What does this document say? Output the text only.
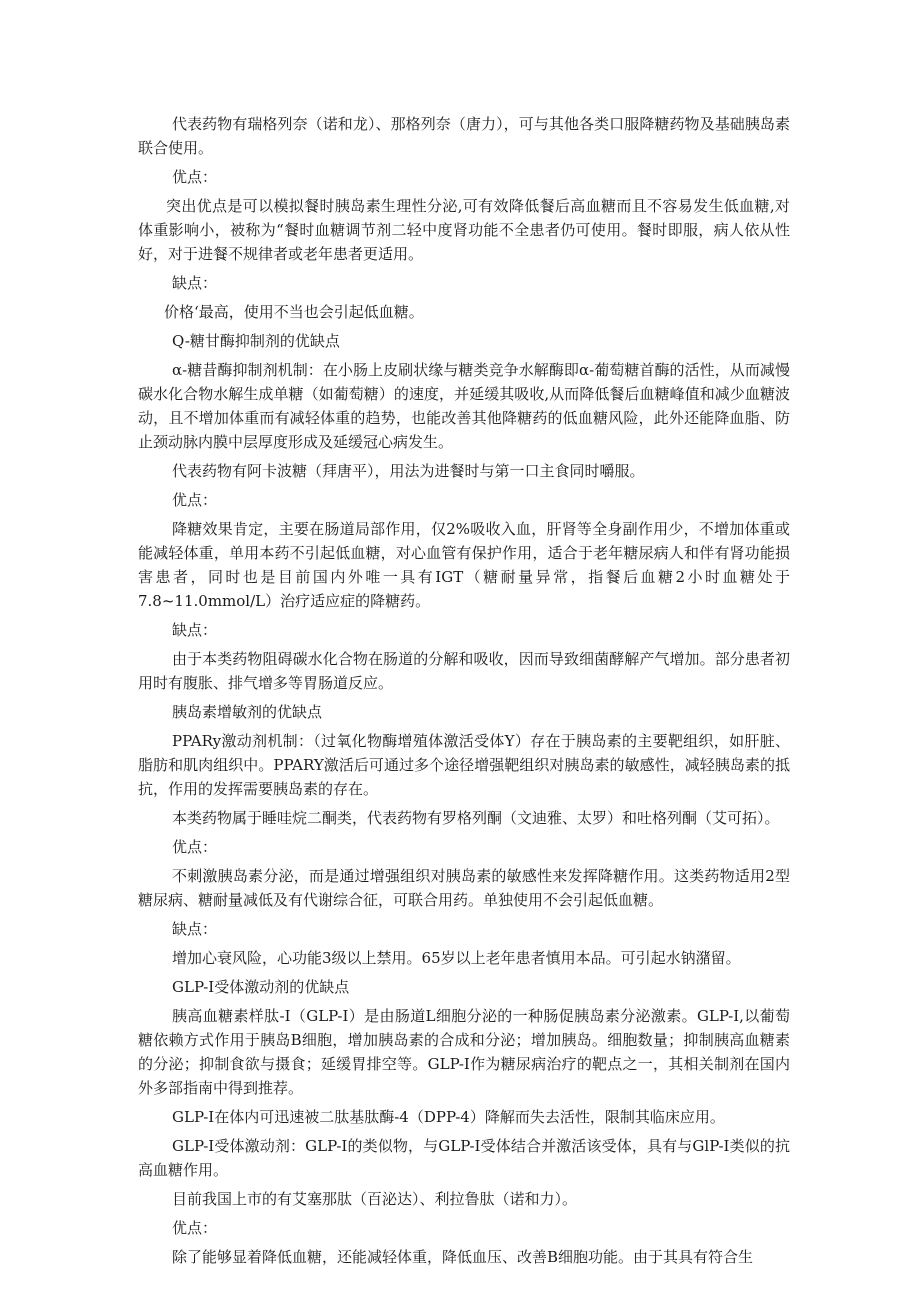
代表药物有瑞格列奈（诺和龙）、那格列奈（唐力），可与其他各类口服降糖药物及基础胰岛素联合使用。

优点：

突出优点是可以模拟餐时胰岛素生理性分泌,可有效降低餐后高血糖而且不容易发生低血糖,对体重影响小，被称为“餐时血糖调节剂二轻中度肾功能不全患者仍可使用。餐时即服，病人依从性好，对于进餐不规律者或老年患者更适用。

缺点：

价格‘最高，使用不当也会引起低血糖。

Q-糖甘酶抑制剂的优缺点

α-糖昔酶抑制剂机制：在小肠上皮刷状缘与糖类竞争水解酶即α-葡萄糖首酶的活性，从而减慢碳水化合物水解生成单糖（如葡萄糖）的速度，并延缓其吸收,从而降低餐后血糖峰值和减少血糖波动，且不增加体重而有减轻体重的趋势，也能改善其他降糖药的低血糖风险，此外还能降血脂、防止颈动脉内膜中层厚度形成及延缓冠心病发生。

代表药物有阿卡波糖（拜唐平），用法为进餐时与第一口主食同时嚼服。

优点：

降糖效果肯定，主要在肠道局部作用，仅2%吸收入血，肝肾等全身副作用少，不增加体重或能减轻体重，单用本药不引起低血糖，对心血管有保护作用，适合于老年糖尿病人和伴有肾功能损害患者，同时也是目前国内外唯一具有IGT（糖耐量异常，指餐后血糖2小时血糖处于7.8~11.0mmol∕L）治疗适应症的降糖药。

缺点：

由于本类药物阻碍碳水化合物在肠道的分解和吸收，因而导致细菌酵解产气增加。部分患者初用时有腹胀、排气增多等胃肠道反应。

胰岛素增敏剂的优缺点

PPARy激动剂机制：（过氧化物酶增殖体激活受体Y）存在于胰岛素的主要靶组织，如肝脏、脂肪和肌肉组织中。PPARY激活后可通过多个途径增强靶组织对胰岛素的敏感性，减轻胰岛素的抵抗，作用的发挥需要胰岛素的存在。

本类药物属于睡哇烷二酮类，代表药物有罗格列酮（文迪雅、太罗）和吐格列酮（艾可拓）。

优点：

不刺激胰岛素分泌，而是通过增强组织对胰岛素的敏感性来发挥降糖作用。这类药物适用2型糖尿病、糖耐量减低及有代谢综合征，可联合用药。单独使用不会引起低血糖。

缺点：

增加心衰风险，心功能3级以上禁用。65岁以上老年患者慎用本品。可引起水钠潴留。

GLP-I受体激动剂的优缺点

胰高血糖素样肽-I（GLP-I）是由肠道L细胞分泌的一种肠促胰岛素分泌激素。GLP-I,以葡萄糖依赖方式作用于胰岛B细胞，增加胰岛素的合成和分泌；增加胰岛。细胞数量；抑制胰高血糖素的分泌；抑制食欲与摄食；延缓胃排空等。GLP-I作为糖尿病治疗的靶点之一，其相关制剂在国内外多部指南中得到推荐。

GLP-I在体内可迅速被二肽基肽酶-4（DPP-4）降解而失去活性，限制其临床应用。

GLP-I受体激动剂：GLP-I的类似物，与GLP-I受体结合并激活该受体，具有与GlP-I类似的抗高血糖作用。

目前我国上市的有艾塞那肽（百泌达）、利拉鲁肽（诺和力）。

优点：

除了能够显着降低血糖，还能减轻体重，降低血压、改善B细胞功能。由于其具有符合生
